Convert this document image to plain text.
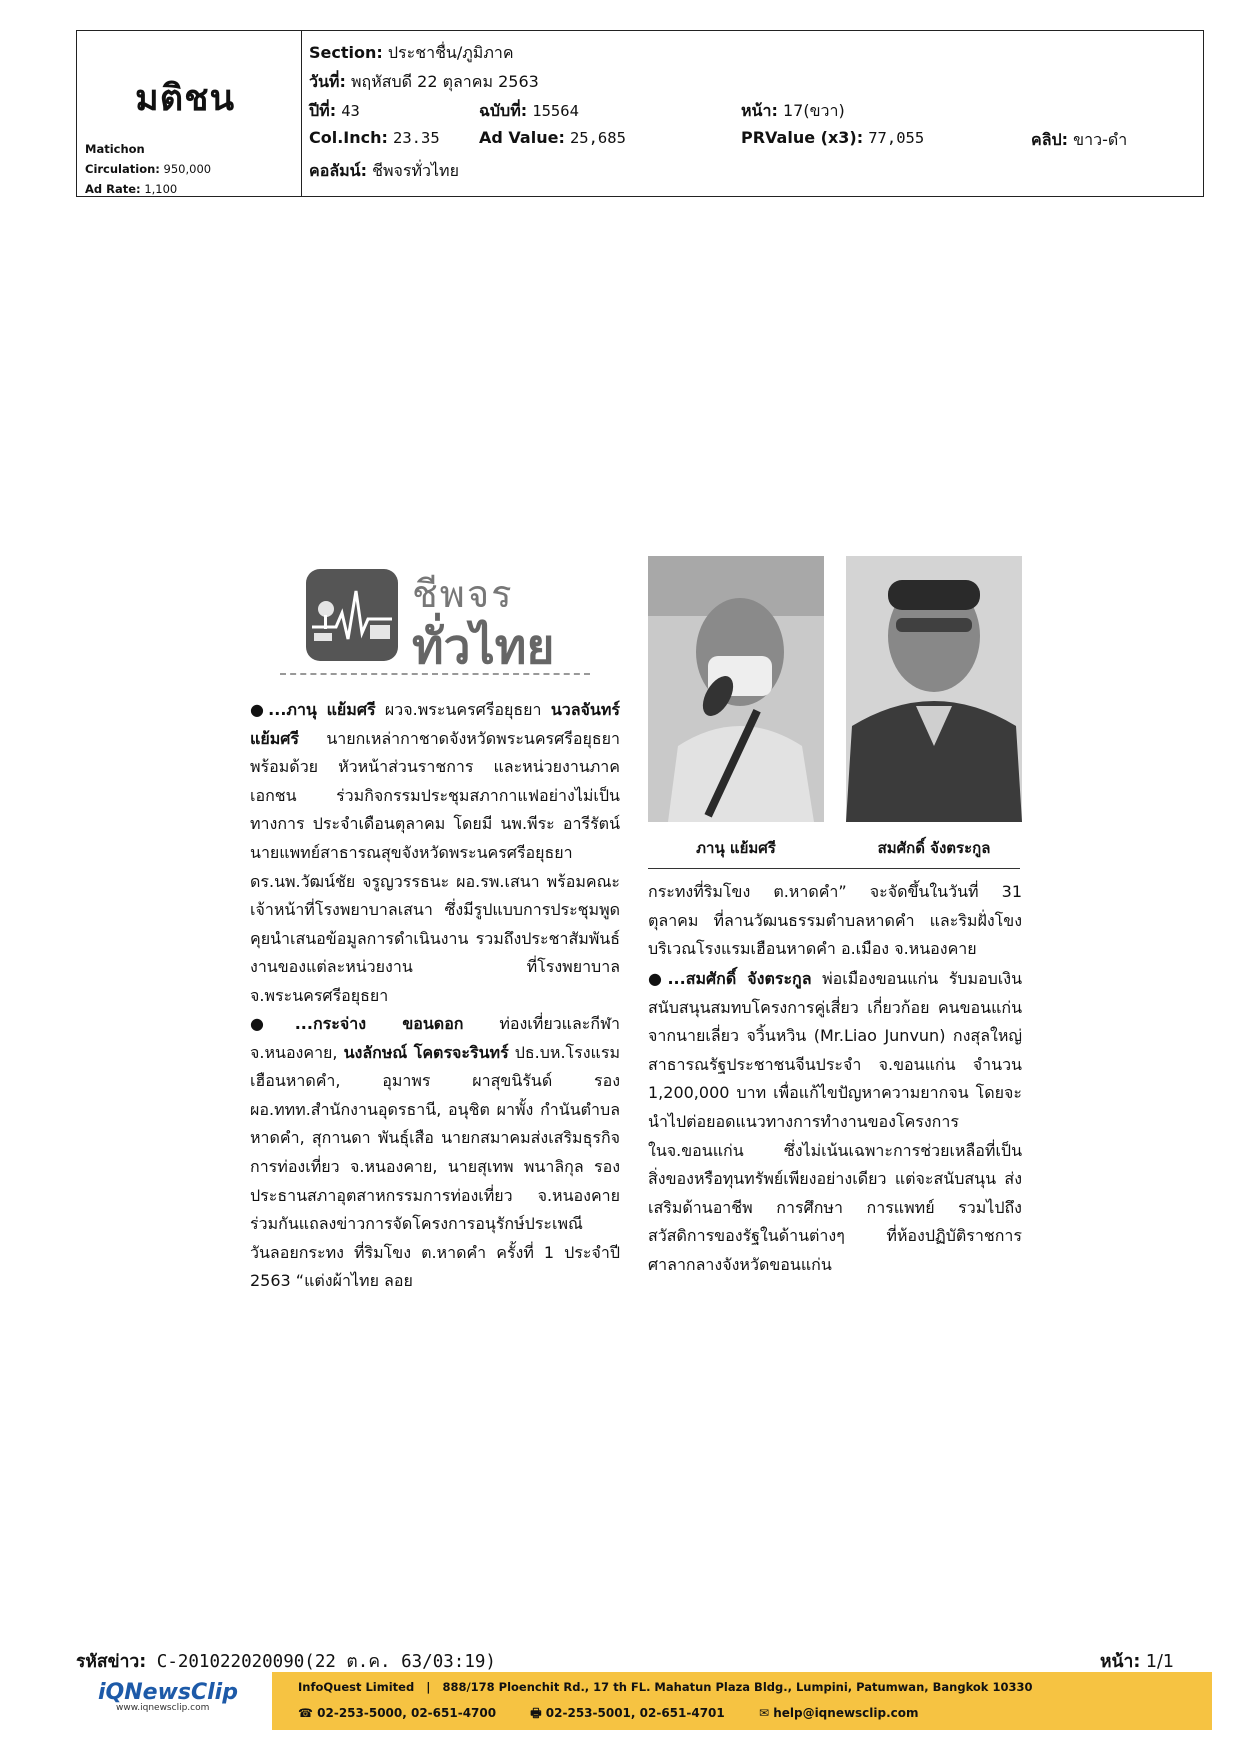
มติชน
Matichon
Circulation: 950,000
Ad Rate: 1,100
Section: ประชาชื่น/ภูมิภาค
วันที่: พฤหัสบดี 22 ตุลาคม 2563
ปีที่: 43	ฉบับที่: 15564	หน้า: 17(ขวา)
Col.Inch: 23.35 Ad Value: 25,685	PRValue (x3): 77,055	คลิป: ขาว-ดำ
คอลัมน์: ชีพจรทั่วไทย
ชีพจร
ทั่วไทย
●...ภานุ แย้มศรี ผวจ.พระนครศรีอยุธยา นวลจันทร์ แย้มศรี นายกเหล่ากาชาดจังหวัดพระนครศรีอยุธยา พร้อมด้วย หัวหน้าส่วนราชการ และหน่วยงานภาคเอกชน ร่วมกิจกรรมประชุมสภากาแฟอย่างไม่เป็นทางการ ประจำเดือนตุลาคม โดยมี นพ.พีระ อารีรัตน์ นายแพทย์สาธารณสุขจังหวัดพระนครศรีอยุธยา ดร.นพ.วัฒน์ชัย จรูญวรรธนะ ผอ.รพ.เสนา พร้อมคณะเจ้าหน้าที่โรงพยาบาลเสนา ซึ่งมีรูปแบบการประชุมพูดคุยนำเสนอข้อมูลการดำเนินงาน รวมถึงประชาสัมพันธ์งานของแต่ละหน่วยงาน ที่โรงพยาบาล จ.พระนครศรีอยุธยา
●...กระจ่าง ขอนดอก ท่องเที่ยวและกีฬา จ.หนองคาย, นงลักษณ์ โคตรจะรินทร์ ปธ.บห.โรงแรมเฮือนหาดคำ, อุมาพร ผาสุขนิรันด์ รอง ผอ.ททท.สำนักงานอุดรธานี, อนุชิต ผาพั้ง กำนันตำบลหาดคำ, สุกานดา พันธุ์เสือ นายกสมาคมส่งเสริมธุรกิจการท่องเที่ยว จ.หนองคาย, นายสุเทพ พนาลิกุล รองประธานสภาอุตสาหกรรมการท่องเที่ยว จ.หนองคาย ร่วมกันแถลงข่าวการจัดโครงการอนุรักษ์ประเพณีวันลอยกระทง ที่ริมโขง ต.หาดคำ ครั้งที่ 1 ประจำปี 2563 “แต่งผ้าไทย ลอย
ภานุ แย้มศรี	สมศักดิ์ จังตระกูล
กระทงที่ริมโขง ต.หาดคำ” จะจัดขึ้นในวันที่ 31 ตุลาคม ที่ลานวัฒนธรรมตำบลหาดคำ และริมฝั่งโขง บริเวณโรงแรมเฮือนหาดคำ อ.เมือง จ.หนองคาย
●...สมศักดิ์ จังตระกูล พ่อเมืองขอนแก่น รับมอบเงินสนับสนุนสมทบโครงการคู่เสี่ยว เกี่ยวก้อย คนขอนแก่น จากนายเลี่ยว จวิ้นหวิน (Mr.Liao Junvun) กงสุลใหญ่สาธารณรัฐประชาชนจีนประจำ จ.ขอนแก่น จำนวน 1,200,000 บาท เพื่อแก้ไขปัญหาความยากจน โดยจะนำไปต่อยอดแนวทางการทำงานของโครงการในจ.ขอนแก่น ซึ่งไม่เน้นเฉพาะการช่วยเหลือที่เป็นสิ่งของหรือทุนทรัพย์เพียงอย่างเดียว แต่จะสนับสนุน ส่งเสริมด้านอาชีพ การศึกษา การแพทย์ รวมไปถึงสวัสดิการของรัฐในด้านต่างๆ ที่ห้องปฏิบัติราชการ ศาลากลางจังหวัดขอนแก่น
รหัสข่าว: C-201022020090(22 ต.ค. 63/03:19)	หน้า: 1/1
iQNewsClip
www.iqnewsclip.com
InfoQuest Limited | 888/178 Ploenchit Rd., 17 th FL. Mahatun Plaza Bldg., Lumpini, Patumwan, Bangkok 10330
☎ 02-253-5000, 02-651-4700	🖶 02-253-5001, 02-651-4701	✉ help@iqnewsclip.com
